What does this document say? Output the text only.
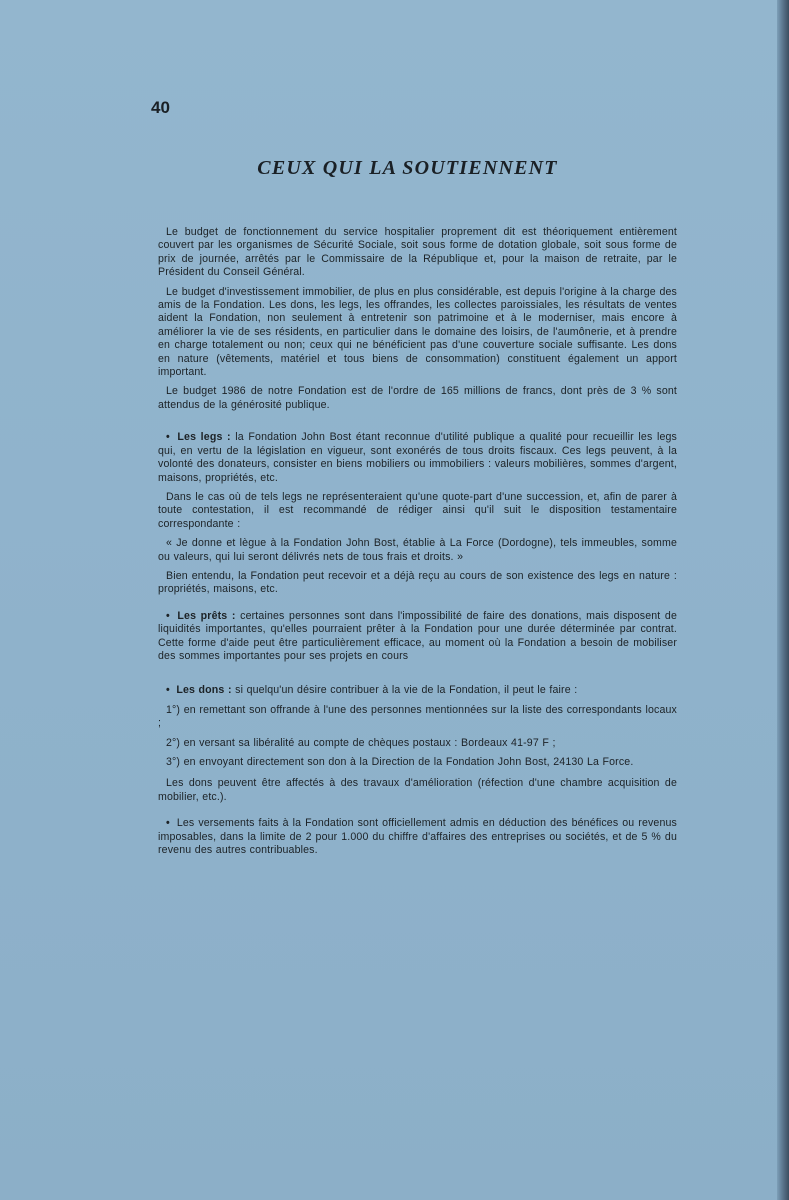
40

CEUX QUI LA SOUTIENNENT

Le budget de fonctionnement du service hospitalier proprement dit est théoriquement entièrement couvert par les organismes de Sécurité Sociale, soit sous forme de dotation globale, soit sous forme de prix de journée, arrêtés par le Commissaire de la République et, pour la maison de retraite, par le Président du Conseil Général.

Le budget d'investissement immobilier, de plus en plus considérable, est depuis l'origine à la charge des amis de la Fondation. Les dons, les legs, les offrandes, les collectes paroissiales, les résultats de ventes aident la Fondation, non seulement à entretenir son patrimoine et à le moderniser, mais encore à améliorer la vie de ses résidents, en particulier dans le domaine des loisirs, de l'aumônerie, et à prendre en charge totalement ou non; ceux qui ne bénéficient pas d'une couverture sociale suffisante. Les dons en nature (vêtements, matériel et tous biens de consommation) constituent également un apport important.

Le budget 1986 de notre Fondation est de l'ordre de 165 millions de francs, dont près de 3 % sont attendus de la générosité publique.

• Les legs : la Fondation John Bost étant reconnue d'utilité publique a qualité pour recueillir les legs qui, en vertu de la législation en vigueur, sont exonérés de tous droits fiscaux. Ces legs peuvent, à la volonté des donateurs, consister en biens mobiliers ou immobiliers : valeurs mobilières, sommes d'argent, maisons, propriétés, etc.

Dans le cas où de tels legs ne représenteraient qu'une quote-part d'une succession, et, afin de parer à toute contestation, il est recommandé de rédiger ainsi qu'il suit le disposition testamentaire correspondante :

« Je donne et lègue à la Fondation John Bost, établie à La Force (Dordogne), tels immeubles, somme ou valeurs, qui lui seront délivrés nets de tous frais et droits. »

Bien entendu, la Fondation peut recevoir et a déjà reçu au cours de son existence des legs en nature : propriétés, maisons, etc.

• Les prêts : certaines personnes sont dans l'impossibilité de faire des donations, mais disposent de liquidités importantes, qu'elles pourraient prêter à la Fondation pour une durée déterminée par contrat. Cette forme d'aide peut être particulièrement efficace, au moment où la Fondation a besoin de mobiliser des sommes importantes pour ses projets en cours

• Les dons : si quelqu'un désire contribuer à la vie de la Fondation, il peut le faire :

1°) en remettant son offrande à l'une des personnes mentionnées sur la liste des correspondants locaux ;

2°) en versant sa libéralité au compte de chèques postaux : Bordeaux 41-97 F ;

3°) en envoyant directement son don à la Direction de la Fondation John Bost, 24130 La Force.

Les dons peuvent être affectés à des travaux d'amélioration (réfection d'une chambre acquisition de mobilier, etc.).

• Les versements faits à la Fondation sont officiellement admis en déduction des bénéfices ou revenus imposables, dans la limite de 2 pour 1.000 du chiffre d'affaires des entreprises ou sociétés, et de 5 % du revenu des autres contribuables.
